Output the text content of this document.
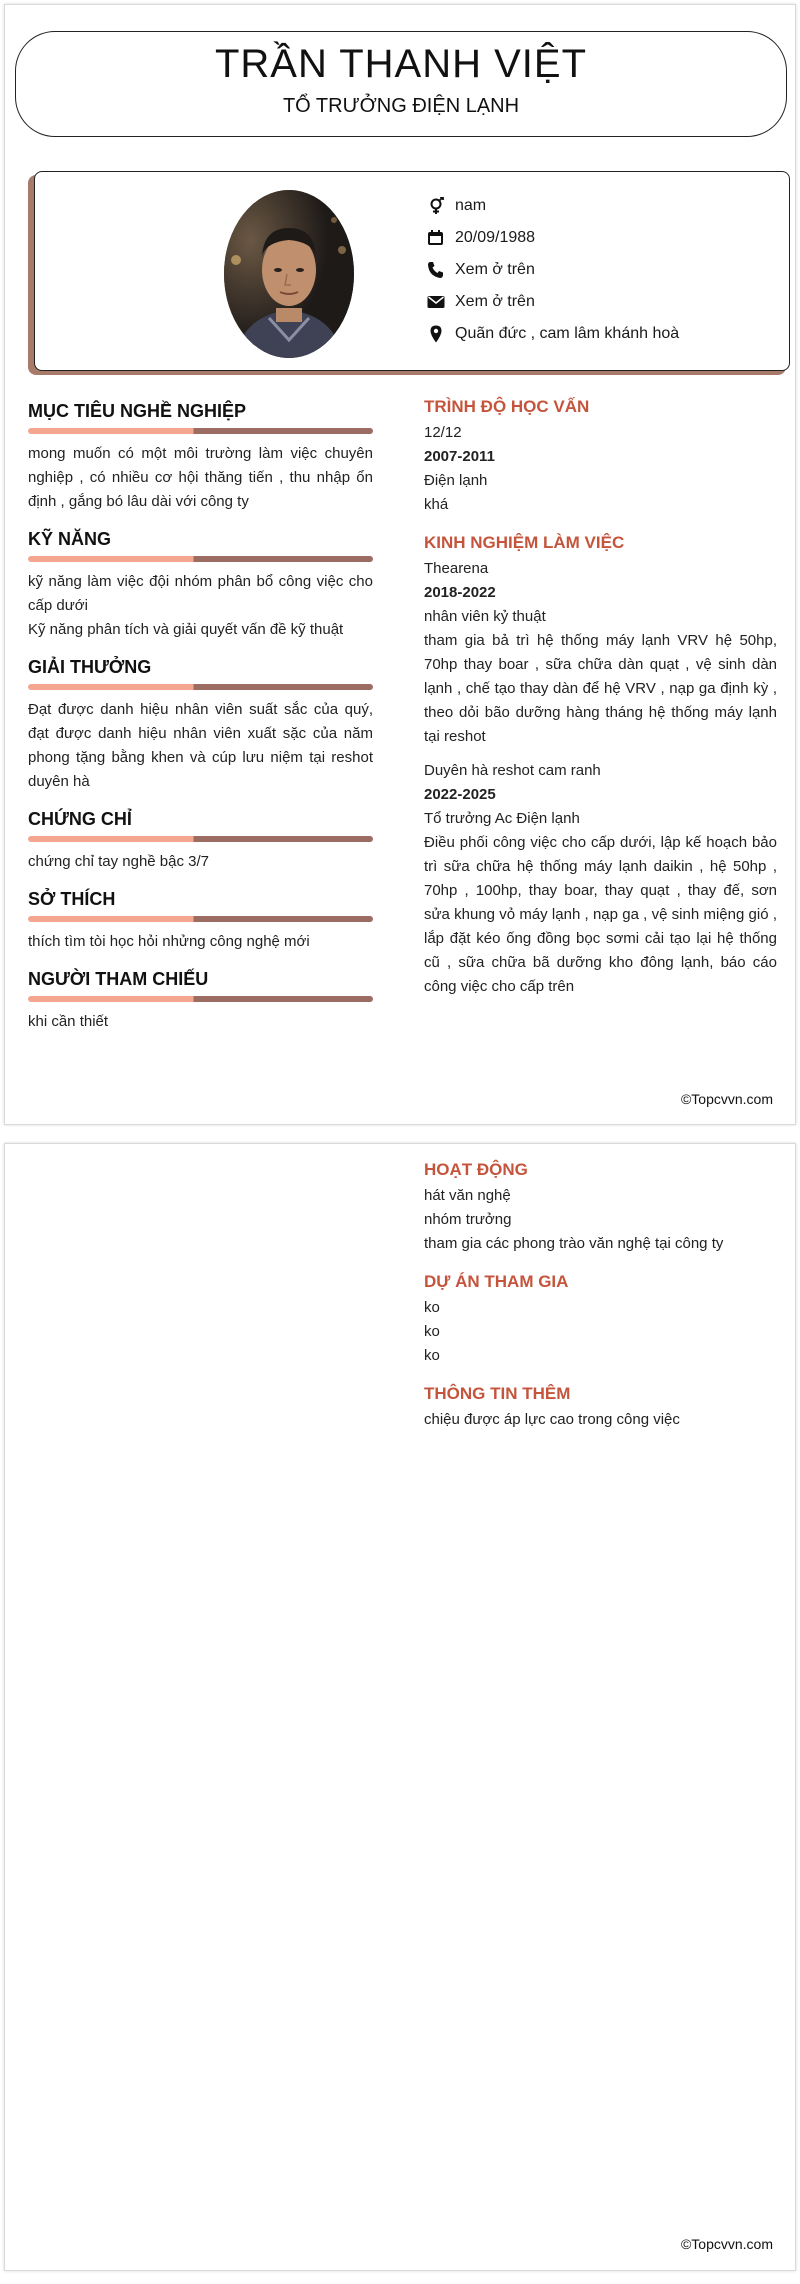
TRẦN THANH VIỆT
TỔ TRƯỞNG ĐIỆN LẠNH
nam
20/09/1988
Xem ở trên
Xem ở trên
Quãn đức , cam lâm khánh hoà
MỤC TIÊU NGHỀ NGHIỆP
mong muốn có một môi trường làm việc chuyên nghiệp , có nhiều cơ hội thăng tiến , thu nhập ổn định , gắng bó lâu dài với công ty
KỸ NĂNG
kỹ năng làm việc đội nhóm phân bổ công việc cho cấp dưới
Kỹ năng phân tích và giải quyết vấn đề kỹ thuật
GIẢI THƯỞNG
Đạt được danh hiệu nhân viên suất sắc của quý, đạt được danh hiệu nhân viên xuất sặc của năm phong tặng bằng khen và cúp lưu niệm tại reshot duyên hà
CHỨNG CHỈ
chứng chỉ tay nghề bậc 3/7
SỞ THÍCH
thích tìm tòi học hỏi nhửng công nghệ mới
NGƯỜI THAM CHIẾU
khi cần thiết
TRÌNH ĐỘ HỌC VẤN
12/12
2007-2011
Điện lạnh
khá
KINH NGHIỆM LÀM VIỆC
Thearena
2018-2022
nhân viên kỷ thuật
tham gia bả trì hệ thống máy lạnh VRV hệ 50hp, 70hp thay boar , sữa chữa dàn quạt , vệ sinh dàn lạnh , chế tạo thay dàn để hệ VRV , nạp ga định kỳ , theo dỏi bão dưỡng hàng tháng hệ thống máy lạnh tại reshot
Duyên hà reshot cam ranh
2022-2025
Tổ trưởng Ac Điện lạnh
Điều phối công việc cho cấp dưới, lập kế hoạch bảo trì sữa chữa hệ thống máy lạnh daikin , hệ 50hp , 70hp , 100hp, thay boar, thay quạt , thay đế, sơn sửa khung vỏ máy lạnh , nạp ga , vệ sinh miệng gió , lắp đặt kéo ống đồng bọc sơmi cải tạo lại hệ thống cũ , sữa chữa bã dưỡng kho đông lạnh, báo cáo công việc cho cấp trên
©Topcvvn.com
HOẠT ĐỘNG
hát văn nghệ
nhóm trưởng
tham gia các phong trào văn nghệ tại công ty
DỰ ÁN THAM GIA
ko
ko
ko
THÔNG TIN THÊM
chiệu được áp lực cao trong công việc
©Topcvvn.com
